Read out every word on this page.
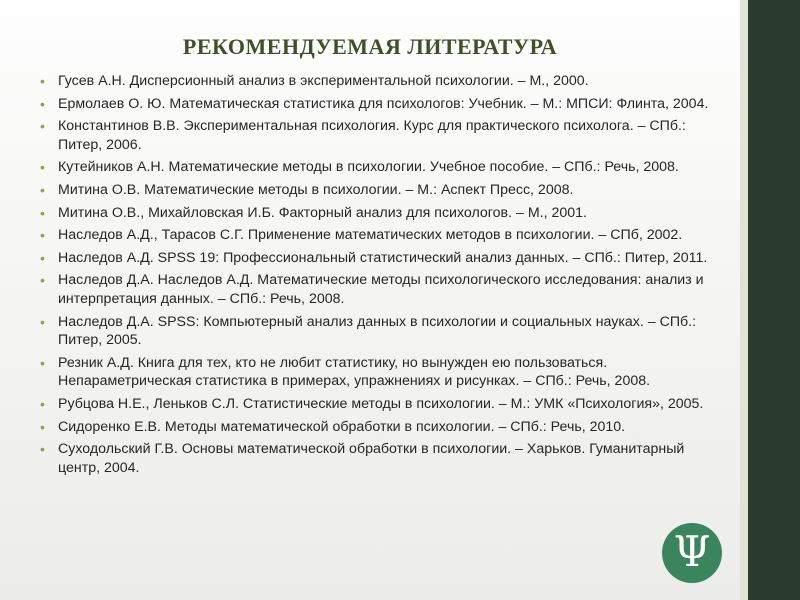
РЕКОМЕНДУЕМАЯ ЛИТЕРАТУРА
• Гусев А.Н. Дисперсионный анализ в экспериментальной психологии. – М., 2000.
• Ермолаев О. Ю. Математическая статистика для психологов: Учебник. – М.: МПСИ: Флинта, 2004.
• Константинов В.В. Экспериментальная психология. Курс для практического психолога. – СПб.: Питер, 2006.
• Кутейников А.Н. Математические методы в психологии. Учебное пособие. – СПб.: Речь, 2008.
• Митина О.В. Математические методы в психологии. – М.: Аспект Пресс, 2008.
• Митина О.В., Михайловская И.Б. Факторный анализ для психологов. – М., 2001.
• Наследов А.Д., Тарасов С.Г. Применение математических методов в психологии. – СПб, 2002.
• Наследов А.Д. SPSS 19: Профессиональный статистический анализ данных. – СПб.: Питер, 2011.
• Наследов Д.А. Наследов А.Д. Математические методы психологического исследования: анализ и интерпретация данных. – СПб.: Речь, 2008.
• Наследов Д.А. SPSS: Компьютерный анализ данных в психологии и социальных науках. – СПб.: Питер, 2005.
• Резник А.Д. Книга для тех, кто не любит статистику, но вынужден ею пользоваться. Непараметрическая статистика в примерах, упражнениях и рисунках. – СПб.: Речь, 2008.
• Рубцова Н.Е., Леньков С.Л. Статистические методы в психологии. – М.: УМК «Психология», 2005.
• Сидоренко Е.В. Методы математической обработки в психологии. – СПб.: Речь, 2010.
• Суходольский Г.В. Основы математической обработки в психологии. – Харьков. Гуманитарный центр, 2004.
Ψ
